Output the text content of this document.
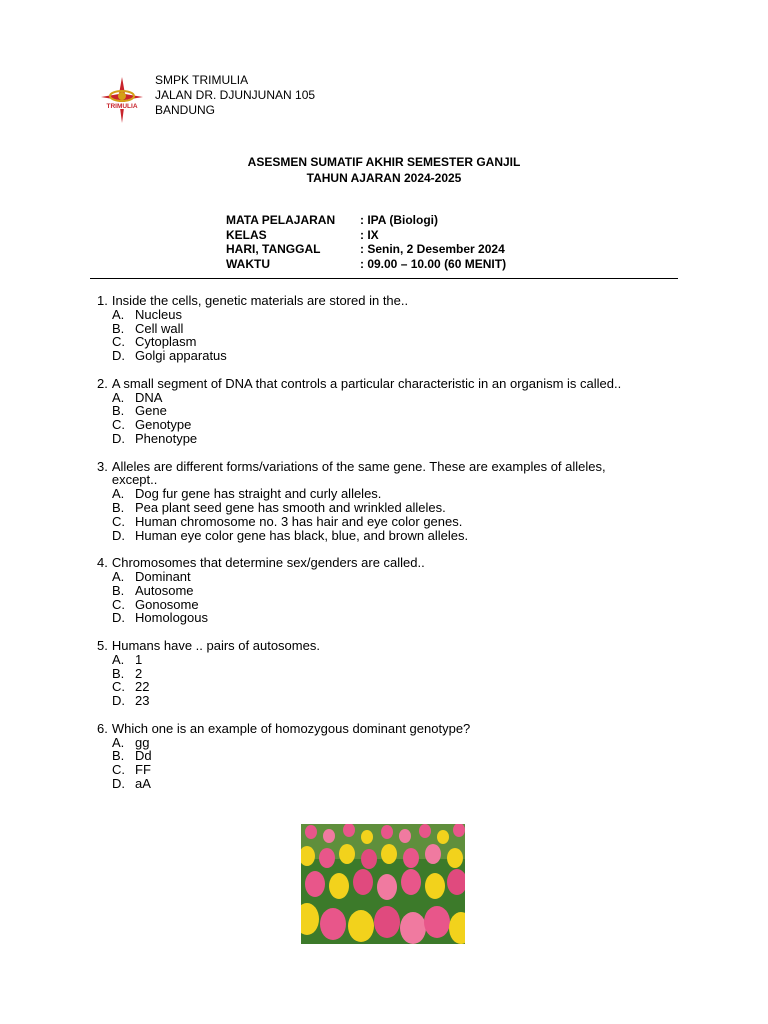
TRIMULIA
SMPK TRIMULIA
JALAN DR. DJUNJUNAN 105
BANDUNG
ASESMEN SUMATIF AKHIR SEMESTER GANJIL
TAHUN AJARAN 2024-2025
MATA PELAJARAN	: IPA (Biologi)
KELAS	: IX
HARI, TANGGAL	: Senin, 2 Desember 2024
WAKTU	: 09.00 – 10.00 (60 MENIT)
1. Inside the cells, genetic materials are stored in the..
A. Nucleus
B. Cell wall
C. Cytoplasm
D. Golgi apparatus
2. A small segment of DNA that controls a particular characteristic in an organism is called..
A. DNA
B. Gene
C. Genotype
D. Phenotype
3. Alleles are different forms/variations of the same gene. These are examples of alleles, except..
A. Dog fur gene has straight and curly alleles.
B. Pea plant seed gene has smooth and wrinkled alleles.
C. Human chromosome no. 3 has hair and eye color genes.
D. Human eye color gene has black, blue, and brown alleles.
4. Chromosomes that determine sex/genders are called..
A. Dominant
B. Autosome
C. Gonosome
D. Homologous
5. Humans have .. pairs of autosomes.
A. 1
B. 2
C. 22
D. 23
6. Which one is an example of homozygous dominant genotype?
A. gg
B. Dd
C. FF
D. aA
